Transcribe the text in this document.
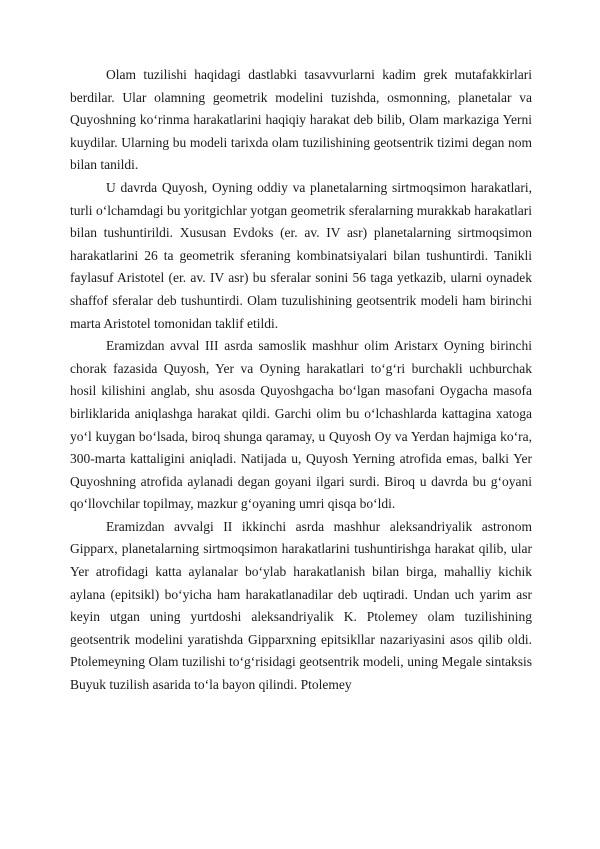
Olam tuzilishi haqidagi dastlabki tasavvurlarni kadim grek mutafakkirlari berdilar. Ular olamning geometrik modelini tuzishda, osmonning, planetalar va Quyoshning ko‘rinma harakatlarini haqiqiy harakat deb bilib, Olam markaziga Yerni kuydilar. Ularning bu modeli tarixda olam tuzilishining geotsentrik tizimi degan nom bilan tanildi.

U davrda Quyosh, Oyning oddiy va planetalarning sirtmoqsimon harakatlari, turli o‘lchamdagi bu yoritgichlar yotgan geometrik sferalarning murakkab harakatlari bilan tushuntirildi. Xususan Evdoks (er. av. IV asr) planetalarning sirtmoqsimon harakatlarini 26 ta geometrik sferaning kombinatsiyalari bilan tushuntirdi. Tanikli faylasuf Aristotel (er. av. IV asr) bu sferalar sonini 56 taga yetkazib, ularni oynadek shaffof sferalar deb tushuntirdi. Olam tuzulishining geotsentrik modeli ham birinchi marta Aristotel tomonidan taklif etildi.

Eramizdan avval III asrda samoslik mashhur olim Aristarx Oyning birinchi chorak fazasida Quyosh, Yer va Oyning harakatlari to‘g‘ri burchakli uchburchak hosil kilishini anglab, shu asosda Quyoshgacha bo‘lgan masofani Oygacha masofa birliklarida aniqlashga harakat qildi. Garchi olim bu o‘lchashlarda kattagina xatoga yo‘l kuygan bo‘lsada, biroq shunga qaramay, u Quyosh Oy va Yerdan hajmiga ko‘ra, 300-marta kattaligini aniqladi. Natijada u, Quyosh Yerning atrofida emas, balki Yer Quyoshning atrofida aylanadi degan goyani ilgari surdi. Biroq u davrda bu g‘oyani qo‘llovchilar topilmay, mazkur g‘oyaning umri qisqa bo‘ldi.

Eramizdan avvalgi II ikkinchi asrda mashhur aleksandriyalik astronom Gipparx, planetalarning sirtmoqsimon harakatlarini tushuntirishga harakat qilib, ular Yer atrofidagi katta aylanalar bo‘ylab harakatlanish bilan birga, mahalliy kichik aylana (epitsikl) bo‘yicha ham harakatlanadilar deb uqtiradi. Undan uch yarim asr keyin utgan uning yurtdoshi aleksandriyalik K. Ptolemey olam tuzilishining geotsentrik modelini yaratishda Gipparxning epitsikllar nazariyasini asos qilib oldi. Ptolemeyning Olam tuzilishi to‘g‘risidagi geotsentrik modeli, uning Megale sintaksis Buyuk tuzilish asarida to‘la bayon qilindi. Ptolemey
